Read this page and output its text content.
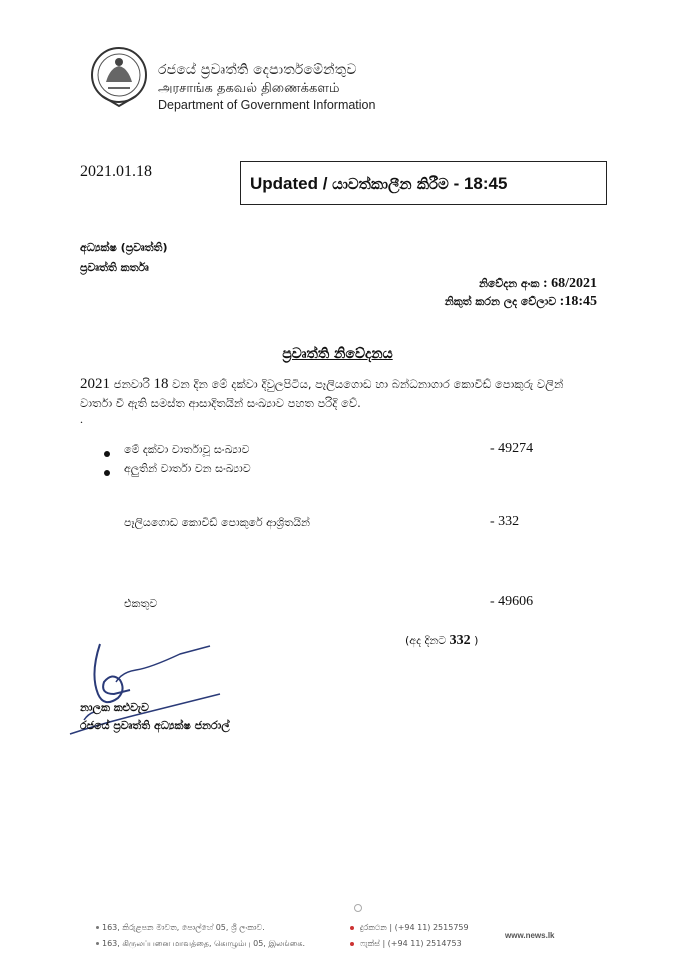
රජයේ ප්‍රවෘත්ති දෙපාර්තමේන්තුව
அரசாங்க தகவல் திணைக்களம்
Department of Government Information
2021.01.18
Updated / යාවත්කාලීන කිරීම - 18:45
අධ්‍යක්ෂ (ප්‍රවෘත්ති)
ප්‍රවෘත්ති කර්තෘ
නිවේදන අංක : 68/2021
නිකුත් කරන ලද වේලාව :18:45
ප්‍රවෘත්ති නිවේදනය
2021 ජනවාරි 18 වන දින මේ දක්වා දිවුලපිටිය, පෑලියගොඩ හා බන්ධනාගාර කොවිඩ් පොකුරු වලින්
වාර්තා වී ඇති සමස්ත ආසාදිතයින් සංඛ්‍යාව පහත පරිදි වේ.
.
මේ දක්වා වාර්තාවූ සංඛ්‍යාව	- 49274
අලුතින් වාර්තා වන සංඛ්‍යාව
පෑලියගොඩ කොවිඩ් පොකුරේ ආශ්‍රිතයින්	- 332
එකතුව	- 49606
(අද දිනට 332 )
නාලක කළුවැව
රජයේ ප්‍රවෘත්ති අධ්‍යක්ෂ ජනරාල්
163, කිරුළපන මාවත, පොල්හේ 05, ශ්‍රී ලංකාව.
163, கிருலப்பனை மாவத்தை, கொழும்பு 05, இலங்கை.
දුරකථන | (+94 11) 2515759
ෆැක්ස් | (+94 11) 2514753
www.news.lk
